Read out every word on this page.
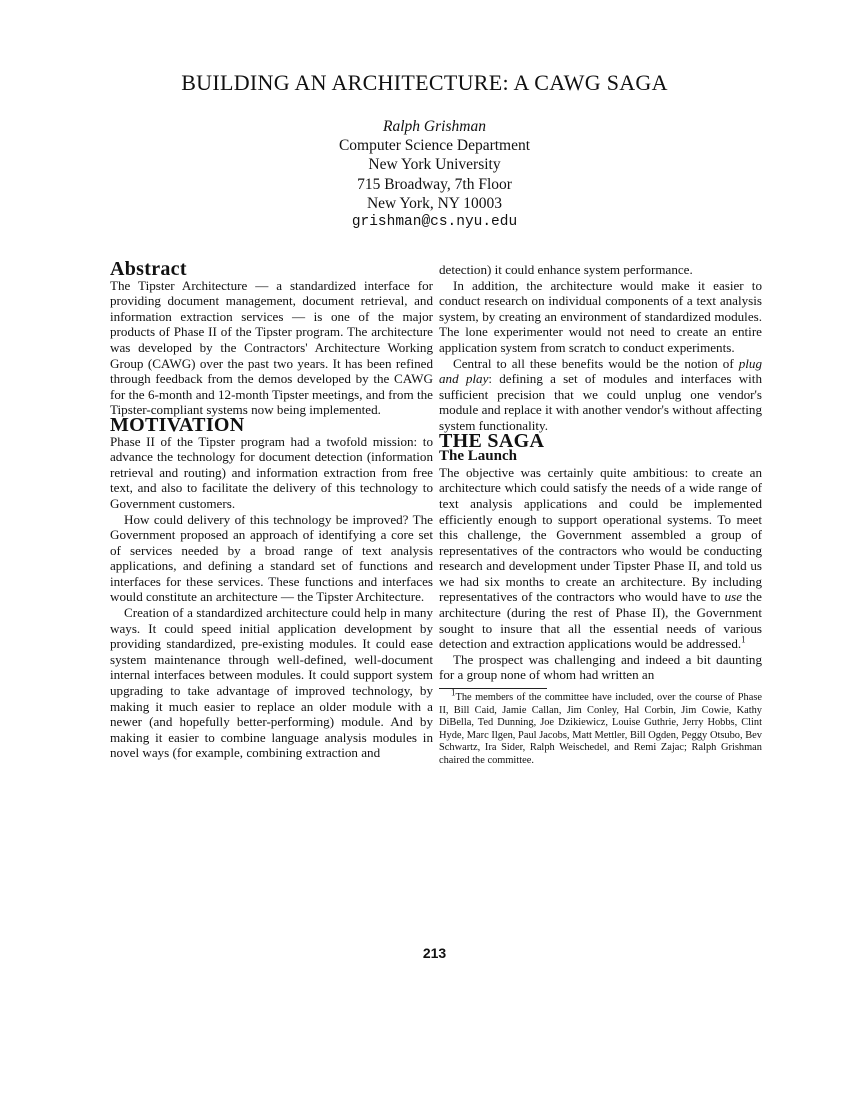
BUILDING AN ARCHITECTURE: A CAWG SAGA
Ralph Grishman
Computer Science Department
New York University
715 Broadway, 7th Floor
New York, NY 10003
grishman@cs.nyu.edu
Abstract

The Tipster Architecture — a standardized interface for providing document management, document retrieval, and information extraction services — is one of the major products of Phase II of the Tipster program. The architecture was developed by the Contractors' Architecture Working Group (CAWG) over the past two years. It has been refined through feedback from the demos developed by the CAWG for the 6-month and 12-month Tipster meetings, and from the Tipster-compliant systems now being implemented.

MOTIVATION

Phase II of the Tipster program had a twofold mission: to advance the technology for document detection (information retrieval and routing) and information extraction from free text, and also to facilitate the delivery of this technology to Government customers.

How could delivery of this technology be improved? The Government proposed an approach of identifying a core set of services needed by a broad range of text analysis applications, and defining a standard set of functions and interfaces for these services. These functions and interfaces would constitute an architecture — the Tipster Architecture.

Creation of a standardized architecture could help in many ways. It could speed initial application development by providing standardized, pre-existing modules. It could ease system maintenance through well-defined, well-document internal interfaces between modules. It could support system upgrading to take advantage of improved technology, by making it much easier to replace an older module with a newer (and hopefully better-performing) module. And by making it easier to combine language analysis modules in novel ways (for example, combining extraction and

detection) it could enhance system performance.

In addition, the architecture would make it easier to conduct research on individual components of a text analysis system, by creating an environment of standardized modules. The lone experimenter would not need to create an entire application system from scratch to conduct experiments.

Central to all these benefits would be the notion of plug and play: defining a set of modules and interfaces with sufficient precision that we could unplug one vendor's module and replace it with another vendor's without affecting system functionality.

THE SAGA
The Launch

The objective was certainly quite ambitious: to create an architecture which could satisfy the needs of a wide range of text analysis applications and could be implemented efficiently enough to support operational systems. To meet this challenge, the Government assembled a group of representatives of the contractors who would be conducting research and development under Tipster Phase II, and told us we had six months to create an architecture. By including representatives of the contractors who would have to use the architecture (during the rest of Phase II), the Government sought to insure that all the essential needs of various detection and extraction applications would be addressed.$^1$

The prospect was challenging and indeed a bit daunting for a group none of whom had written an

$^1$The members of the committee have included, over the course of Phase II, Bill Caid, Jamie Callan, Jim Conley, Hal Corbin, Jim Cowie, Kathy DiBella, Ted Dunning, Joe Dzikiewicz, Louise Guthrie, Jerry Hobbs, Clint Hyde, Marc Ilgen, Paul Jacobs, Matt Mettler, Bill Ogden, Peggy Otsubo, Bev Schwartz, Ira Sider, Ralph Weischedel, and Remi Zajac; Ralph Grishman chaired the committee.

213
